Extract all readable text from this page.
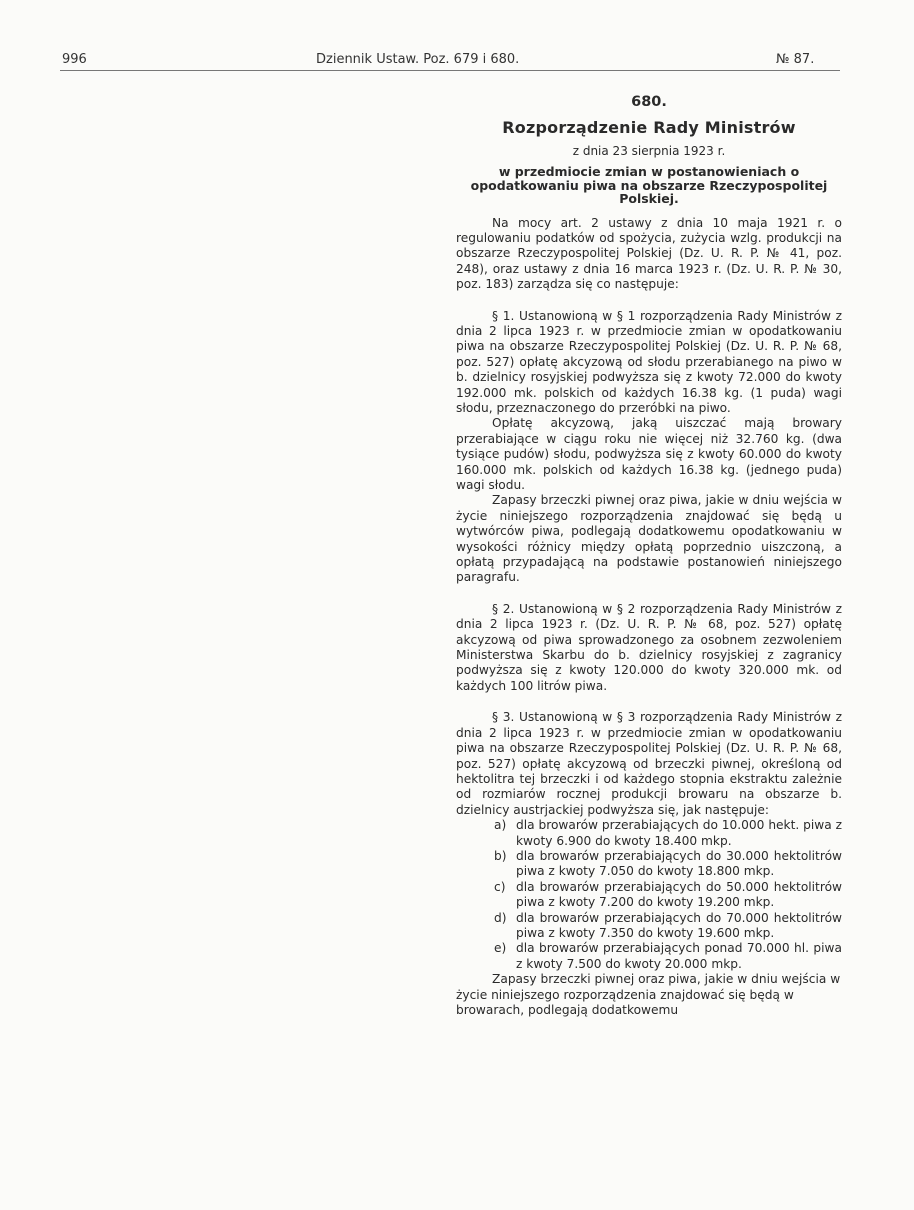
996	Dziennik Ustaw. Poz. 679 i 680.	№ 87.
680.
Rozporządzenie Rady Ministrów
z dnia 23 sierpnia 1923 r.
w przedmiocie zmian w postanowieniach o opodatkowaniu piwa na obszarze Rzeczypospolitej Polskiej.

Na mocy art. 2 ustawy z dnia 10 maja 1921 r. o regulowaniu podatków od spożycia, zużycia wzlg. produkcji na obszarze Rzeczypospolitej Polskiej (Dz. U. R. P. № 41, poz. 248), oraz ustawy z dnia 16 marca 1923 r. (Dz. U. R. P. № 30, poz. 183) zarządza się co następuje:

§ 1. Ustanowioną w § 1 rozporządzenia Rady Ministrów z dnia 2 lipca 1923 r. w przedmiocie zmian w opodatkowaniu piwa na obszarze Rzeczypospolitej Polskiej (Dz. U. R. P. № 68, poz. 527) opłatę akcyzową od słodu przerabianego na piwo w b. dzielnicy rosyjskiej podwyższa się z kwoty 72.000 do kwoty 192.000 mk. polskich od każdych 16.38 kg. (1 puda) wagi słodu, przeznaczonego do przeróbki na piwo.

Opłatę akcyzową, jaką uiszczać mają browary przerabiające w ciągu roku nie więcej niż 32.760 kg. (dwa tysiące pudów) słodu, podwyższa się z kwoty 60.000 do kwoty 160.000 mk. polskich od każdych 16.38 kg. (jednego puda) wagi słodu.

Zapasy brzeczki piwnej oraz piwa, jakie w dniu wejścia w życie niniejszego rozporządzenia znajdować się będą u wytwórców piwa, podlegają dodatkowemu opodatkowaniu w wysokości różnicy między opłatą poprzednio uiszczoną, a opłatą przypadającą na podstawie postanowień niniejszego paragrafu.

§ 2. Ustanowioną w § 2 rozporządzenia Rady Ministrów z dnia 2 lipca 1923 r. (Dz. U. R. P. № 68, poz. 527) opłatę akcyzową od piwa sprowadzonego za osobnem zezwoleniem Ministerstwa Skarbu do b. dzielnicy rosyjskiej z zagranicy podwyższa się z kwoty 120.000 do kwoty 320.000 mk. od każdych 100 litrów piwa.

§ 3. Ustanowioną w § 3 rozporządzenia Rady Ministrów z dnia 2 lipca 1923 r. w przedmiocie zmian w opodatkowaniu piwa na obszarze Rzeczypospolitej Polskiej (Dz. U. R. P. № 68, poz. 527) opłatę akcyzową od brzeczki piwnej, określoną od hektolitra tej brzeczki i od każdego stopnia ekstraktu zależnie od rozmiarów rocznej produkcji browaru na obszarze b. dzielnicy austrjackiej podwyższa się, jak następuje:

a) dla browarów przerabiających do 10.000 hekt. piwa z kwoty 6.900 do kwoty 18.400 mkp.
b) dla browarów przerabiających do 30.000 hektolitrów piwa z kwoty 7.050 do kwoty 18.800 mkp.
c) dla browarów przerabiających do 50.000 hektolitrów piwa z kwoty 7.200 do kwoty 19.200 mkp.
d) dla browarów przerabiających do 70.000 hektolitrów piwa z kwoty 7.350 do kwoty 19.600 mkp.
e) dla browarów przerabiających ponad 70.000 hl. piwa z kwoty 7.500 do kwoty 20.000 mkp.

Zapasy brzeczki piwnej oraz piwa, jakie w dniu wejścia w życie niniejszego rozporządzenia znajdować się będą w browarach, podlegają dodatkowemu
